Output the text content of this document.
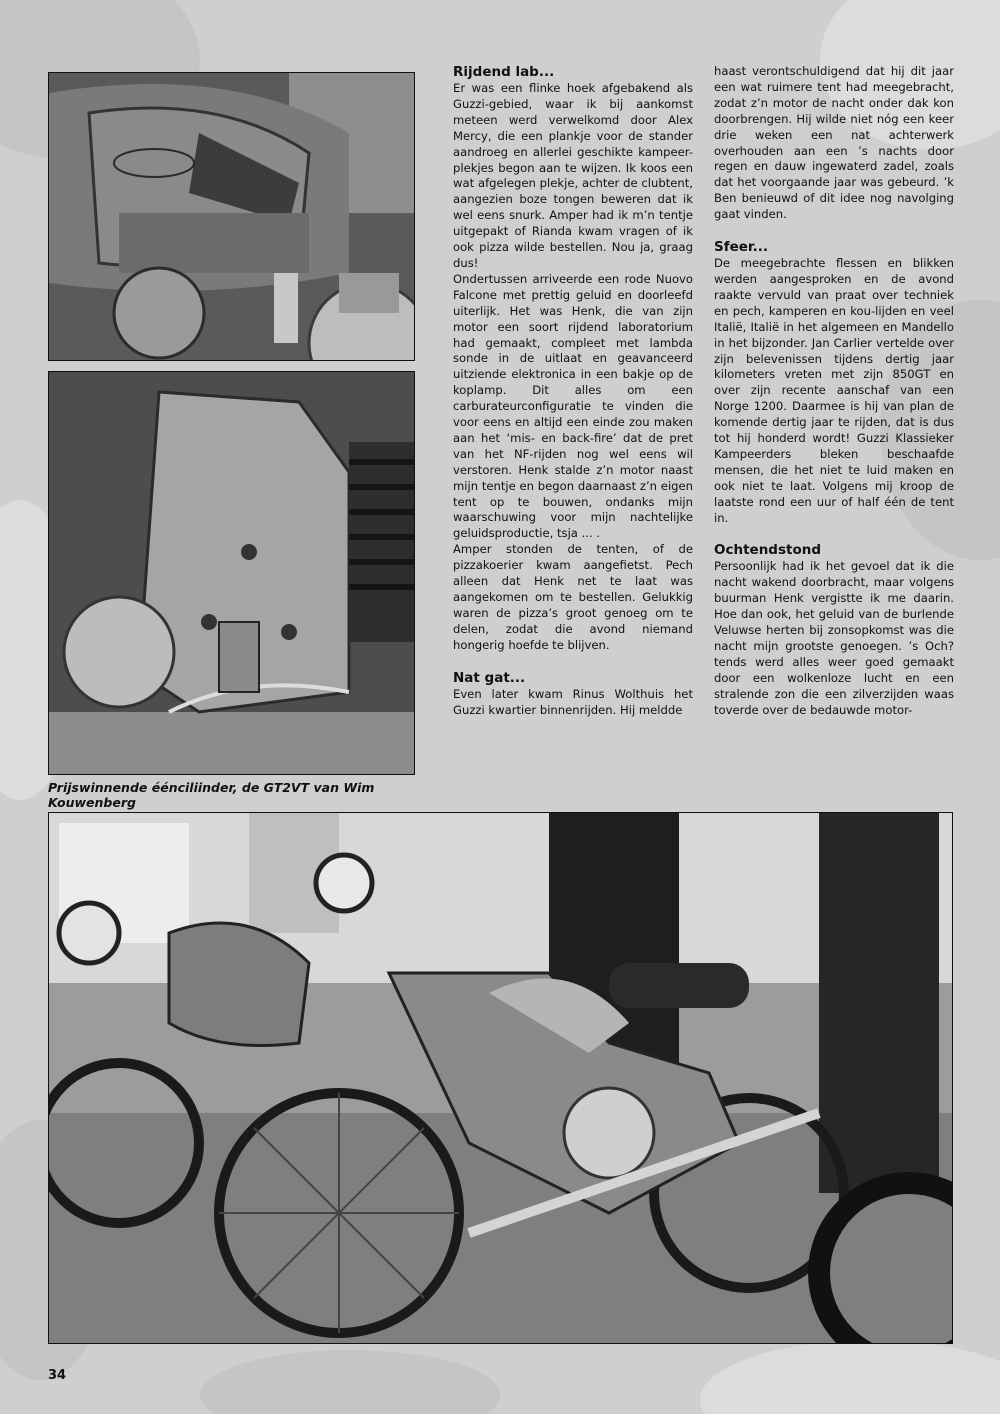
Prijswinnende éénciliinder, de GT2VT van Wim Kouwenberg
Rijdend lab...

Er was een flinke hoek afgebakend als Guzzi-gebied, waar ik bij aankomst meteen werd verwelkomd door Alex Mercy, die een plankje voor de stander aandroeg en allerlei geschikte kampeer-plekjes begon aan te wijzen. Ik koos een wat afgelegen plekje, achter de clubtent, aangezien boze tongen beweren dat ik wel eens snurk. Amper had ik m’n tentje uitgepakt of Rianda kwam vragen of ik ook pizza wilde bestellen. Nou ja, graag dus!

Ondertussen arriveerde een rode Nuovo Falcone met prettig geluid en doorleefd uiterlijk. Het was Henk, die van zijn motor een soort rijdend laboratorium had gemaakt, compleet met lambda sonde in de uitlaat en geavanceerd uitziende elektronica in een bakje op de koplamp. Dit alles om een carburateurconfiguratie te vinden die voor eens en altijd een einde zou maken aan het ‘mis- en back-fire’ dat de pret van het NF-rijden nog wel eens wil verstoren. Henk stalde z’n motor naast mijn tentje en begon daarnaast z’n eigen tent op te bouwen, ondanks mijn waarschuwing voor mijn nachtelijke geluidsproductie, tsja ... .

Amper stonden de tenten, of de pizzakoerier kwam aangefietst. Pech alleen dat Henk net te laat was aangekomen om te bestellen. Gelukkig waren de pizza’s groot genoeg om te delen, zodat die avond niemand hongerig hoefde te blijven.

Nat gat...

Even later kwam Rinus Wolthuis het Guzzi kwartier binnenrijden. Hij meldde

haast verontschuldigend dat hij dit jaar een wat ruimere tent had meegebracht, zodat z’n motor de nacht onder dak kon doorbrengen. Hij wilde niet nóg een keer drie weken een nat achterwerk overhouden aan een ’s nachts door regen en dauw ingewaterd zadel, zoals dat het voorgaande jaar was gebeurd. ’k Ben benieuwd of dit idee nog navolging gaat vinden.

Sfeer...

De meegebrachte flessen en blikken werden aangesproken en de avond raakte vervuld van praat over techniek en pech, kamperen en kou-lijden en veel Italië, Italië in het algemeen en Mandello in het bijzonder. Jan Carlier vertelde over zijn belevenissen tijdens dertig jaar kilometers vreten met zijn 850GT en over zijn recente aanschaf van een Norge 1200. Daarmee is hij van plan de komende dertig jaar te rijden, dat is dus tot hij honderd wordt! Guzzi Klassieker Kampeerders bleken beschaafde mensen, die het niet te luid maken en ook niet te laat. Volgens mij kroop de laatste rond een uur of half één de tent in.

Ochtendstond

Persoonlijk had ik het gevoel dat ik die nacht wakend doorbracht, maar volgens buurman Henk vergistte ik me daarin. Hoe dan ook, het geluid van de burlende Veluwse herten bij zonsopkomst was die nacht mijn grootste genoegen. ’s Och?tends werd alles weer goed gemaakt door een wolkenloze lucht en een stralende zon die een zilverzijden waas toverde over de bedauwde motor-

34
